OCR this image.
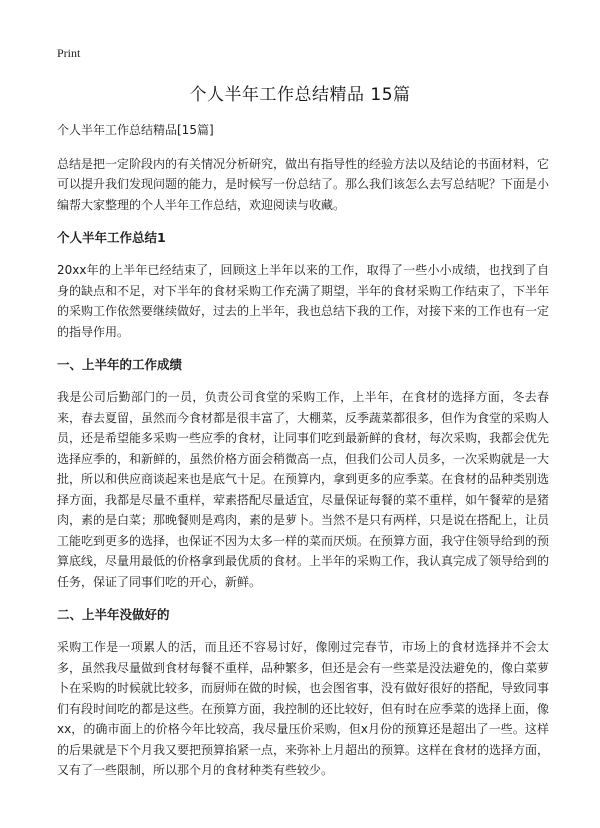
Print
个人半年工作总结精品 15篇

个人半年工作总结精品[15篇]

总结是把一定阶段内的有关情况分析研究，做出有指导性的经验方法以及结论的书面材料，它可以提升我们发现问题的能力，是时候写一份总结了。那么我们该怎么去写总结呢？下面是小编帮大家整理的个人半年工作总结，欢迎阅读与收藏。

个人半年工作总结1

20xx年的上半年已经结束了，回顾这上半年以来的工作，取得了一些小小成绩，也找到了自身的缺点和不足，对下半年的食材采购工作充满了期望，半年的食材采购工作结束了，下半年的采购工作依然要继续做好，过去的上半年，我也总结下我的工作，对接下来的工作也有一定的指导作用。

一、上半年的工作成绩

我是公司后勤部门的一员，负责公司食堂的采购工作，上半年，在食材的选择方面，冬去春来，春去夏留，虽然而今食材都是很丰富了，大棚菜，反季蔬菜都很多，但作为食堂的采购人员，还是希望能多采购一些应季的食材，让同事们吃到最新鲜的食材，每次采购，我都会优先选择应季的，和新鲜的，虽然价格方面会稍微高一点，但我们公司人员多，一次采购就是一大批，所以和供应商谈起来也是底气十足。在预算内，拿到更多的应季菜。在食材的品种类别选择方面，我都是尽量不重样，荤素搭配尽量适宜，尽量保证每餐的菜不重样，如午餐荤的是猪肉，素的是白菜；那晚餐则是鸡肉，素的是萝卜。当然不是只有两样，只是说在搭配上，让员工能吃到更多的选择，也保证不因为太多一样的菜而厌烦。在预算方面，我守住领导给到的预算底线，尽量用最低的价格拿到最优质的食材。上半年的采购工作，我认真完成了领导给到的任务，保证了同事们吃的开心，新鲜。

二、上半年没做好的

采购工作是一项累人的活，而且还不容易讨好，像刚过完春节，市场上的食材选择并不会太多，虽然我尽量做到食材每餐不重样，品种繁多，但还是会有一些菜是没法避免的，像白菜萝卜在采购的时候就比较多，而厨师在做的时候，也会图省事，没有做好很好的搭配，导致同事们有段时间吃的都是这些。在预算方面，我控制的还比较好，但有时在应季菜的选择上面，像xx，的确市面上的价格今年比较高，我尽量压价采购，但x月份的预算还是超出了一些。这样的后果就是下个月我又要把预算掐紧一点，来弥补上月超出的预算。这样在食材的选择方面，又有了一些限制，所以那个月的食材种类有些较少。
